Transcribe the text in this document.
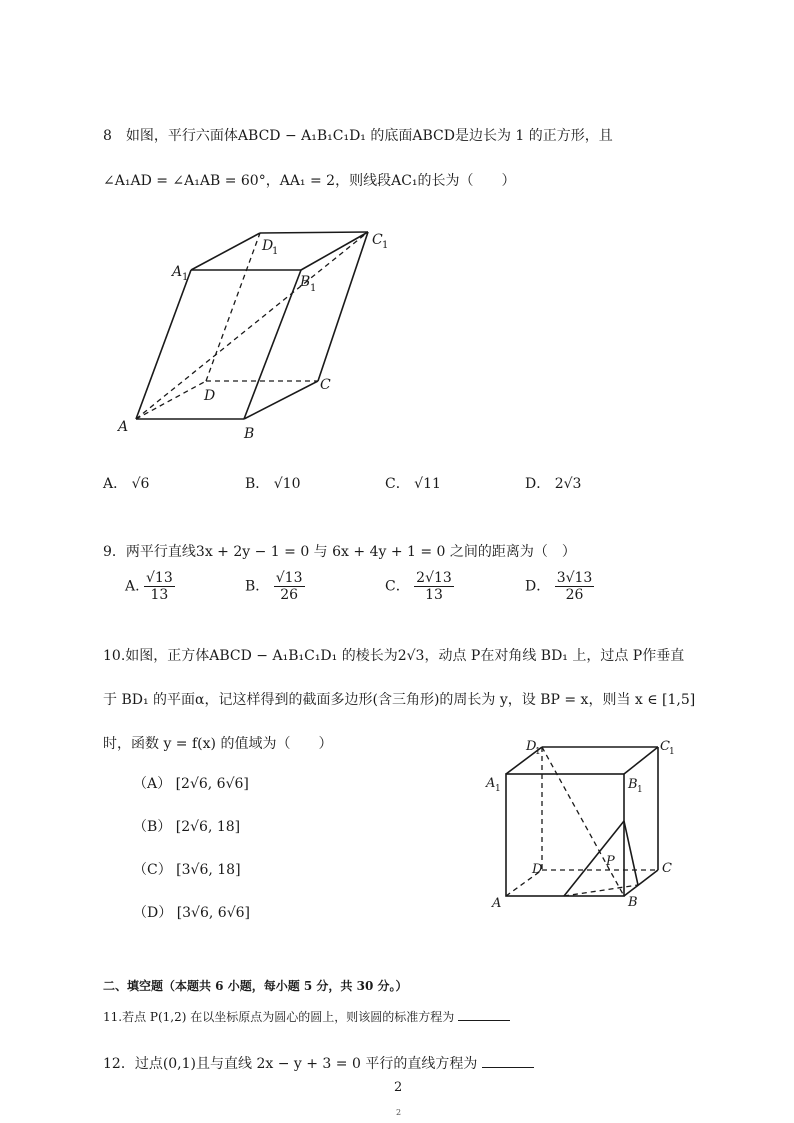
8　如图，平行六面体ABCD − A₁B₁C₁D₁ 的底面ABCD是边长为 1 的正方形，且
∠A₁AD = ∠A₁AB = 60°，AA₁ = 2，则线段AC₁的长为（　　）
A	B
C
D
A 1	B 1
C 1
D
1
A． √6	B． √10	C． √11	D． 2√3
9．两平行直线3x + 2y − 1 = 0 与 6x + 4y + 1 = 0 之间的距离为（　）
A. $\frac{√13}{13}$	B． $\frac{√13}{26}$	C． $\frac{2√13}{13}$	D． $\frac{3√13}{26}$
10.如图，正方体ABCD − A₁B₁C₁D₁ 的棱长为2√3，动点 P在对角线 BD₁ 上，过点 P作垂直
于 BD₁ 的平面α，记这样得到的截面多边形(含三角形)的周长为 y，设 BP = x，则当 x ∈ [1,5]
时，函数 y = f(x) 的值域为（　　）
（A） [2√6, 6√6]
（B） [2√6, 18]
（C） [3√6, 18]
（D） [3√6, 6√6]
A	B
C
D
P
A 1	B 1
C 1
D
1
二、填空题（本题共 6 小题，每小题 5 分，共 30 分。）
11.若点 P(1,2) 在以坐标原点为圆心的圆上，则该圆的标准方程为
12．过点(0,1)且与直线 2x − y + 3 = 0 平行的直线方程为
2
2
